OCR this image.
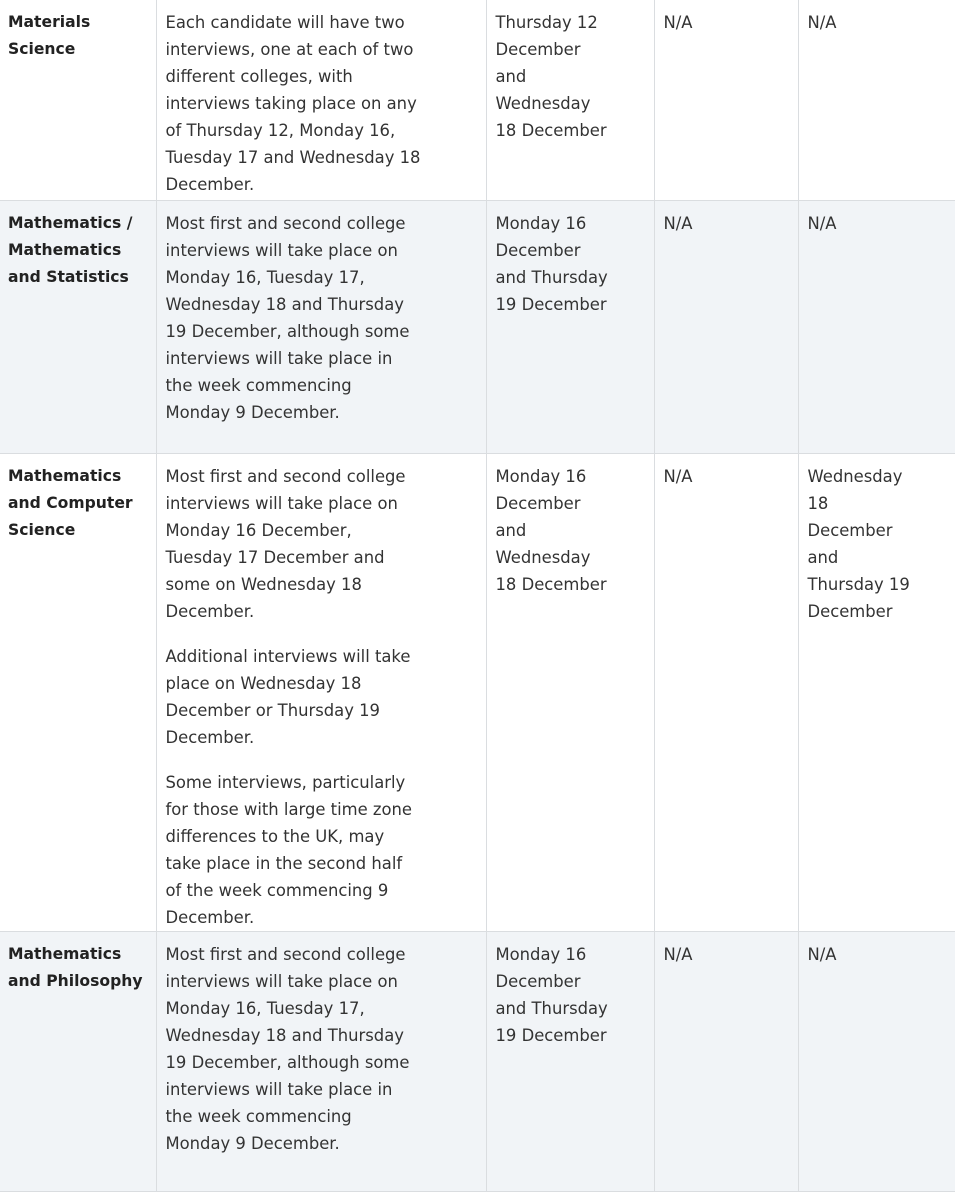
Materials Science	Each candidate will have two interviews, one at each of two different colleges, with interviews taking place on any of Thursday 12, Monday 16, Tuesday 17 and Wednesday 18 December.	Thursday 12 December and Wednesday 18 December	N/A	N/A
Mathematics / Mathematics and Statistics	Most first and second college interviews will take place on Monday 16, Tuesday 17, Wednesday 18 and Thursday 19 December, although some interviews will take place in the week commencing Monday 9 December.	Monday 16 December and Thursday 19 December	N/A	N/A
Mathematics and Computer Science	Most first and second college interviews will take place on Monday 16 December, Tuesday 17 December and some on Wednesday 18 December.

Additional interviews will take place on Wednesday 18 December or Thursday 19 December.

Some interviews, particularly for those with large time zone differences to the UK, may take place in the second half of the week commencing 9 December.	Monday 16 December and Wednesday 18 December	N/A	Wednesday 18 December and Thursday 19 December

Mathematics and Philosophy	Most first and second college interviews will take place on Monday 16, Tuesday 17, Wednesday 18 and Thursday 19 December, although some interviews will take place in the week commencing Monday 9 December.	Monday 16 December and Thursday 19 December	N/A	N/A
